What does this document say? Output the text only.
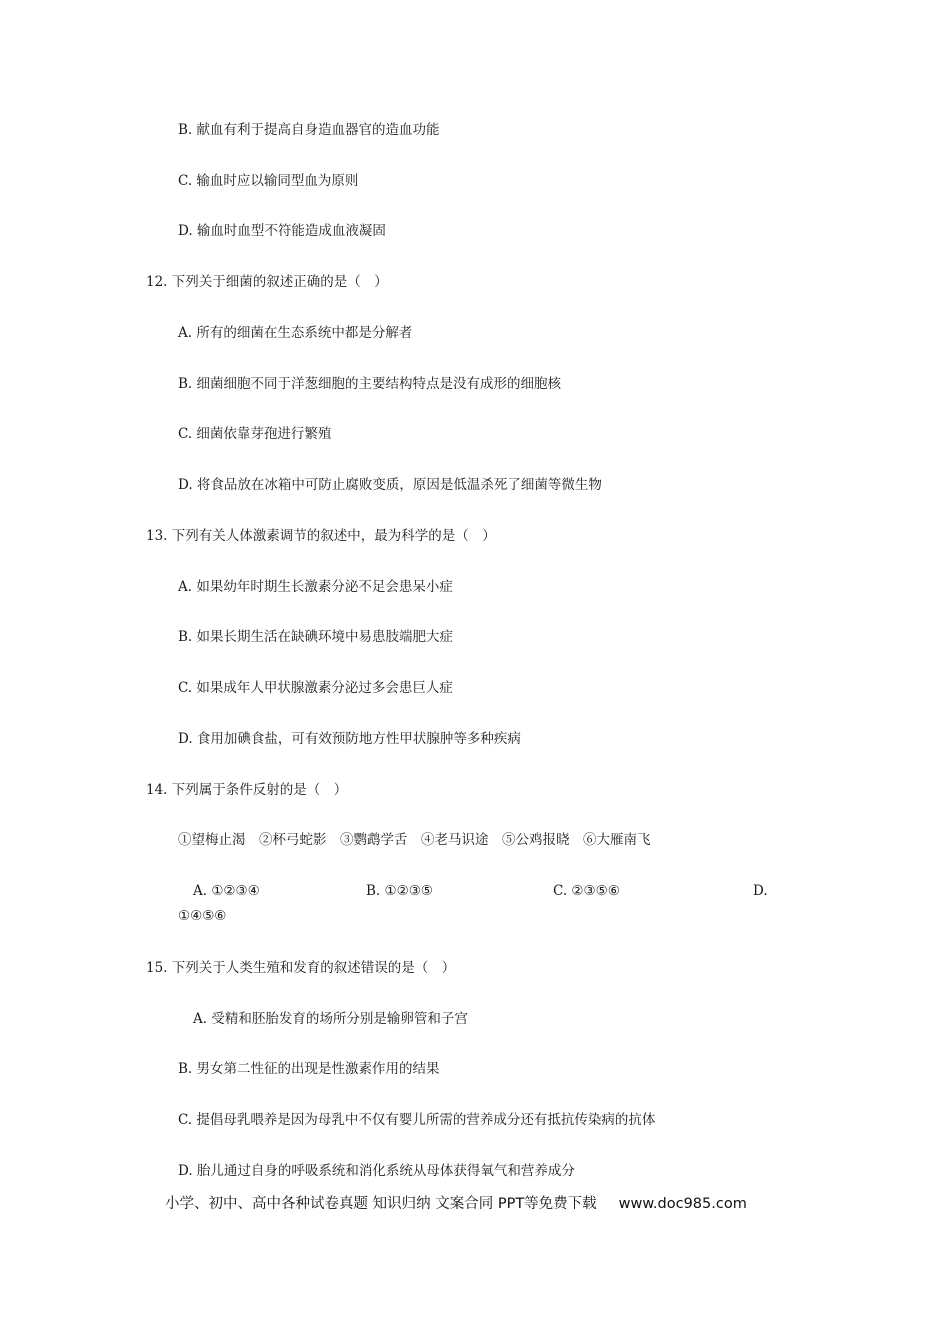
B. 献血有利于提高自身造血器官的造血功能
C. 输血时应以输同型血为原则
D. 输血时血型不符能造成血液凝固
12. 下列关于细菌的叙述正确的是（　）
A. 所有的细菌在生态系统中都是分解者
B. 细菌细胞不同于洋葱细胞的主要结构特点是没有成形的细胞核
C. 细菌依靠芽孢进行繁殖
D. 将食品放在冰箱中可防止腐败变质，原因是低温杀死了细菌等微生物
13. 下列有关人体激素调节的叙述中，最为科学的是（　）
A. 如果幼年时期生长激素分泌不足会患呆小症
B. 如果长期生活在缺碘环境中易患肢端肥大症
C. 如果成年人甲状腺激素分泌过多会患巨人症
D. 食用加碘食盐，可有效预防地方性甲状腺肿等多种疾病
14. 下列属于条件反射的是（　）
①望梅止渴　②杯弓蛇影　③鹦鹉学舌　④老马识途　⑤公鸡报晓　⑥大雁南飞
A. ①②③④	B. ①②③⑤	C. ②③⑤⑥	D.
①④⑤⑥
15. 下列关于人类生殖和发育的叙述错误的是（　）
A. 受精和胚胎发育的场所分别是输卵管和子宫
B. 男女第二性征的出现是性激素作用的结果
C. 提倡母乳喂养是因为母乳中不仅有婴儿所需的营养成分还有抵抗传染病的抗体
D. 胎儿通过自身的呼吸系统和消化系统从母体获得氧气和营养成分
小学、初中、高中各种试卷真题 知识归纳 文案合同 PPT等免费下载 www.doc985.com
